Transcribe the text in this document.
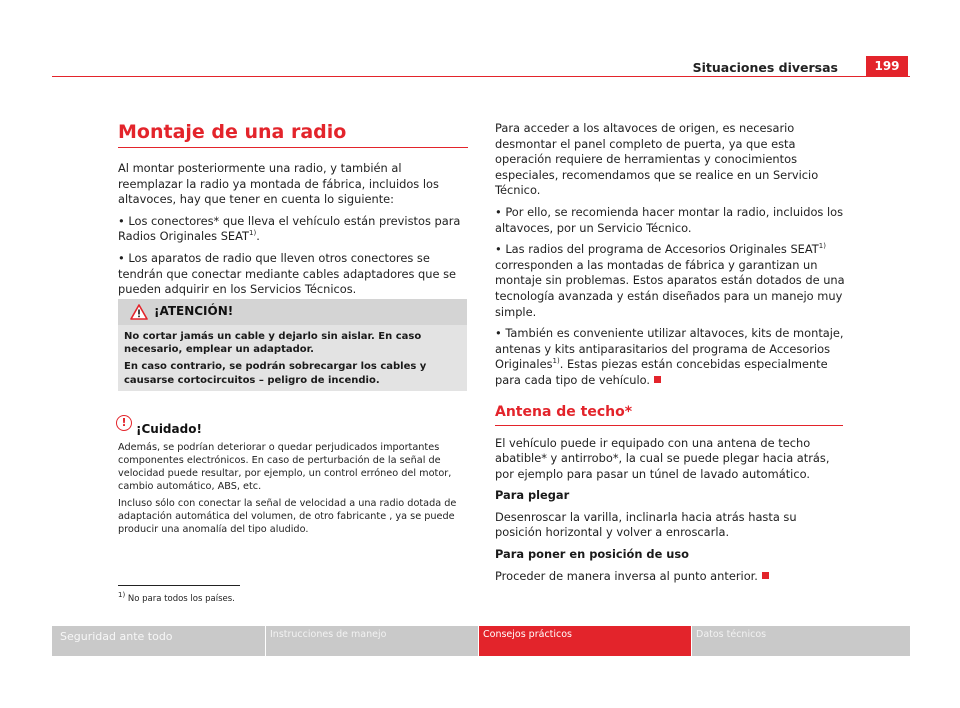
Situaciones diversas	199
Montaje de una radio

Al montar posteriormente una radio, y también al reemplazar la radio ya montada de fábrica, incluidos los altavoces, hay que tener en cuenta lo siguiente:

• Los conectores* que lleva el vehículo están previstos para Radios Originales SEAT$^{1)}$.

• Los aparatos de radio que lleven otros conectores se tendrán que conectar mediante cables adaptadores que se pueden adquirir en los Servicios Técnicos.

¡ATENCIÓN!

No cortar jamás un cable y dejarlo sin aislar. En caso necesario, emplear un adaptador.

En caso contrario, se podrán sobrecargar los cables y causarse cortocircuitos – peligro de incendio.

! ¡Cuidado!

Además, se podrían deteriorar o quedar perjudicados importantes componentes electrónicos. En caso de perturbación de la señal de velocidad puede resultar, por ejemplo, un control erróneo del motor, cambio automático, ABS, etc.

Incluso sólo con conectar la señal de velocidad a una radio dotada de adaptación automática del volumen, de otro fabricante , ya se puede producir una anomalía del tipo aludido.

Para acceder a los altavoces de origen, es necesario desmontar el panel completo de puerta, ya que esta operación requiere de herramientas y conocimientos especiales, recomendamos que se realice en un Servicio Técnico.

• Por ello, se recomienda hacer montar la radio, incluidos los altavoces, por un Servicio Técnico.

• Las radios del programa de Accesorios Originales SEAT$^{1)}$ corresponden a las montadas de fábrica y garantizan un montaje sin problemas. Estos aparatos están dotados de una tecnología avanzada y están diseñados para un manejo muy simple.

• También es conveniente utilizar altavoces, kits de montaje, antenas y kits antiparasitarios del programa de Accesorios Originales$^{1)}$. Estas piezas están concebidas especialmente para cada tipo de vehículo.

Antena de techo*

El vehículo puede ir equipado con una antena de techo abatible* y antirrobo*, la cual se puede plegar hacia atrás, por ejemplo para pasar un túnel de lavado automático.

Para plegar

Desenroscar la varilla, inclinarla hacia atrás hasta su posición horizontal y volver a enroscarla.

Para poner en posición de uso

Proceder de manera inversa al punto anterior.

$^{1)}$ No para todos los países.
Seguridad ante todo	Instrucciones de manejo	Consejos prácticos	Datos técnicos
